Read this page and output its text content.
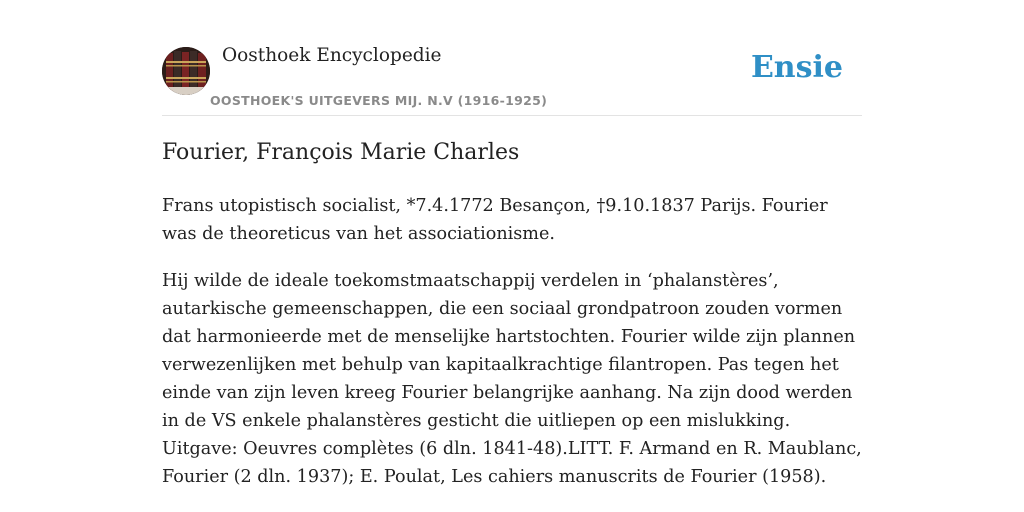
Oosthoek Encyclopedie
OOSTHOEK'S UITGEVERS MIJ. N.V (1916-1925)
Ensie
Fourier, François Marie Charles

Frans utopistisch socialist, *7.4.1772 Besançon, †9.10.1837 Parijs. Fourier was de theoreticus van het associationisme.

Hij wilde de ideale toekomstmaatschappij verdelen in ‘phalanstères’, autarkische gemeenschappen, die een sociaal grondpatroon zouden vormen dat harmonieerde met de menselijke hartstochten. Fourier wilde zijn plannen verwezenlijken met behulp van kapitaalkrachtige filantropen. Pas tegen het einde van zijn leven kreeg Fourier belangrijke aanhang. Na zijn dood werden in de VS enkele phalanstères gesticht die uitliepen op een mislukking. Uitgave: Oeuvres complètes (6 dln. 1841-48).LITT. F. Armand en R. Maublanc, Fourier (2 dln. 1937); E. Poulat, Les cahiers manuscrits de Fourier (1958).
